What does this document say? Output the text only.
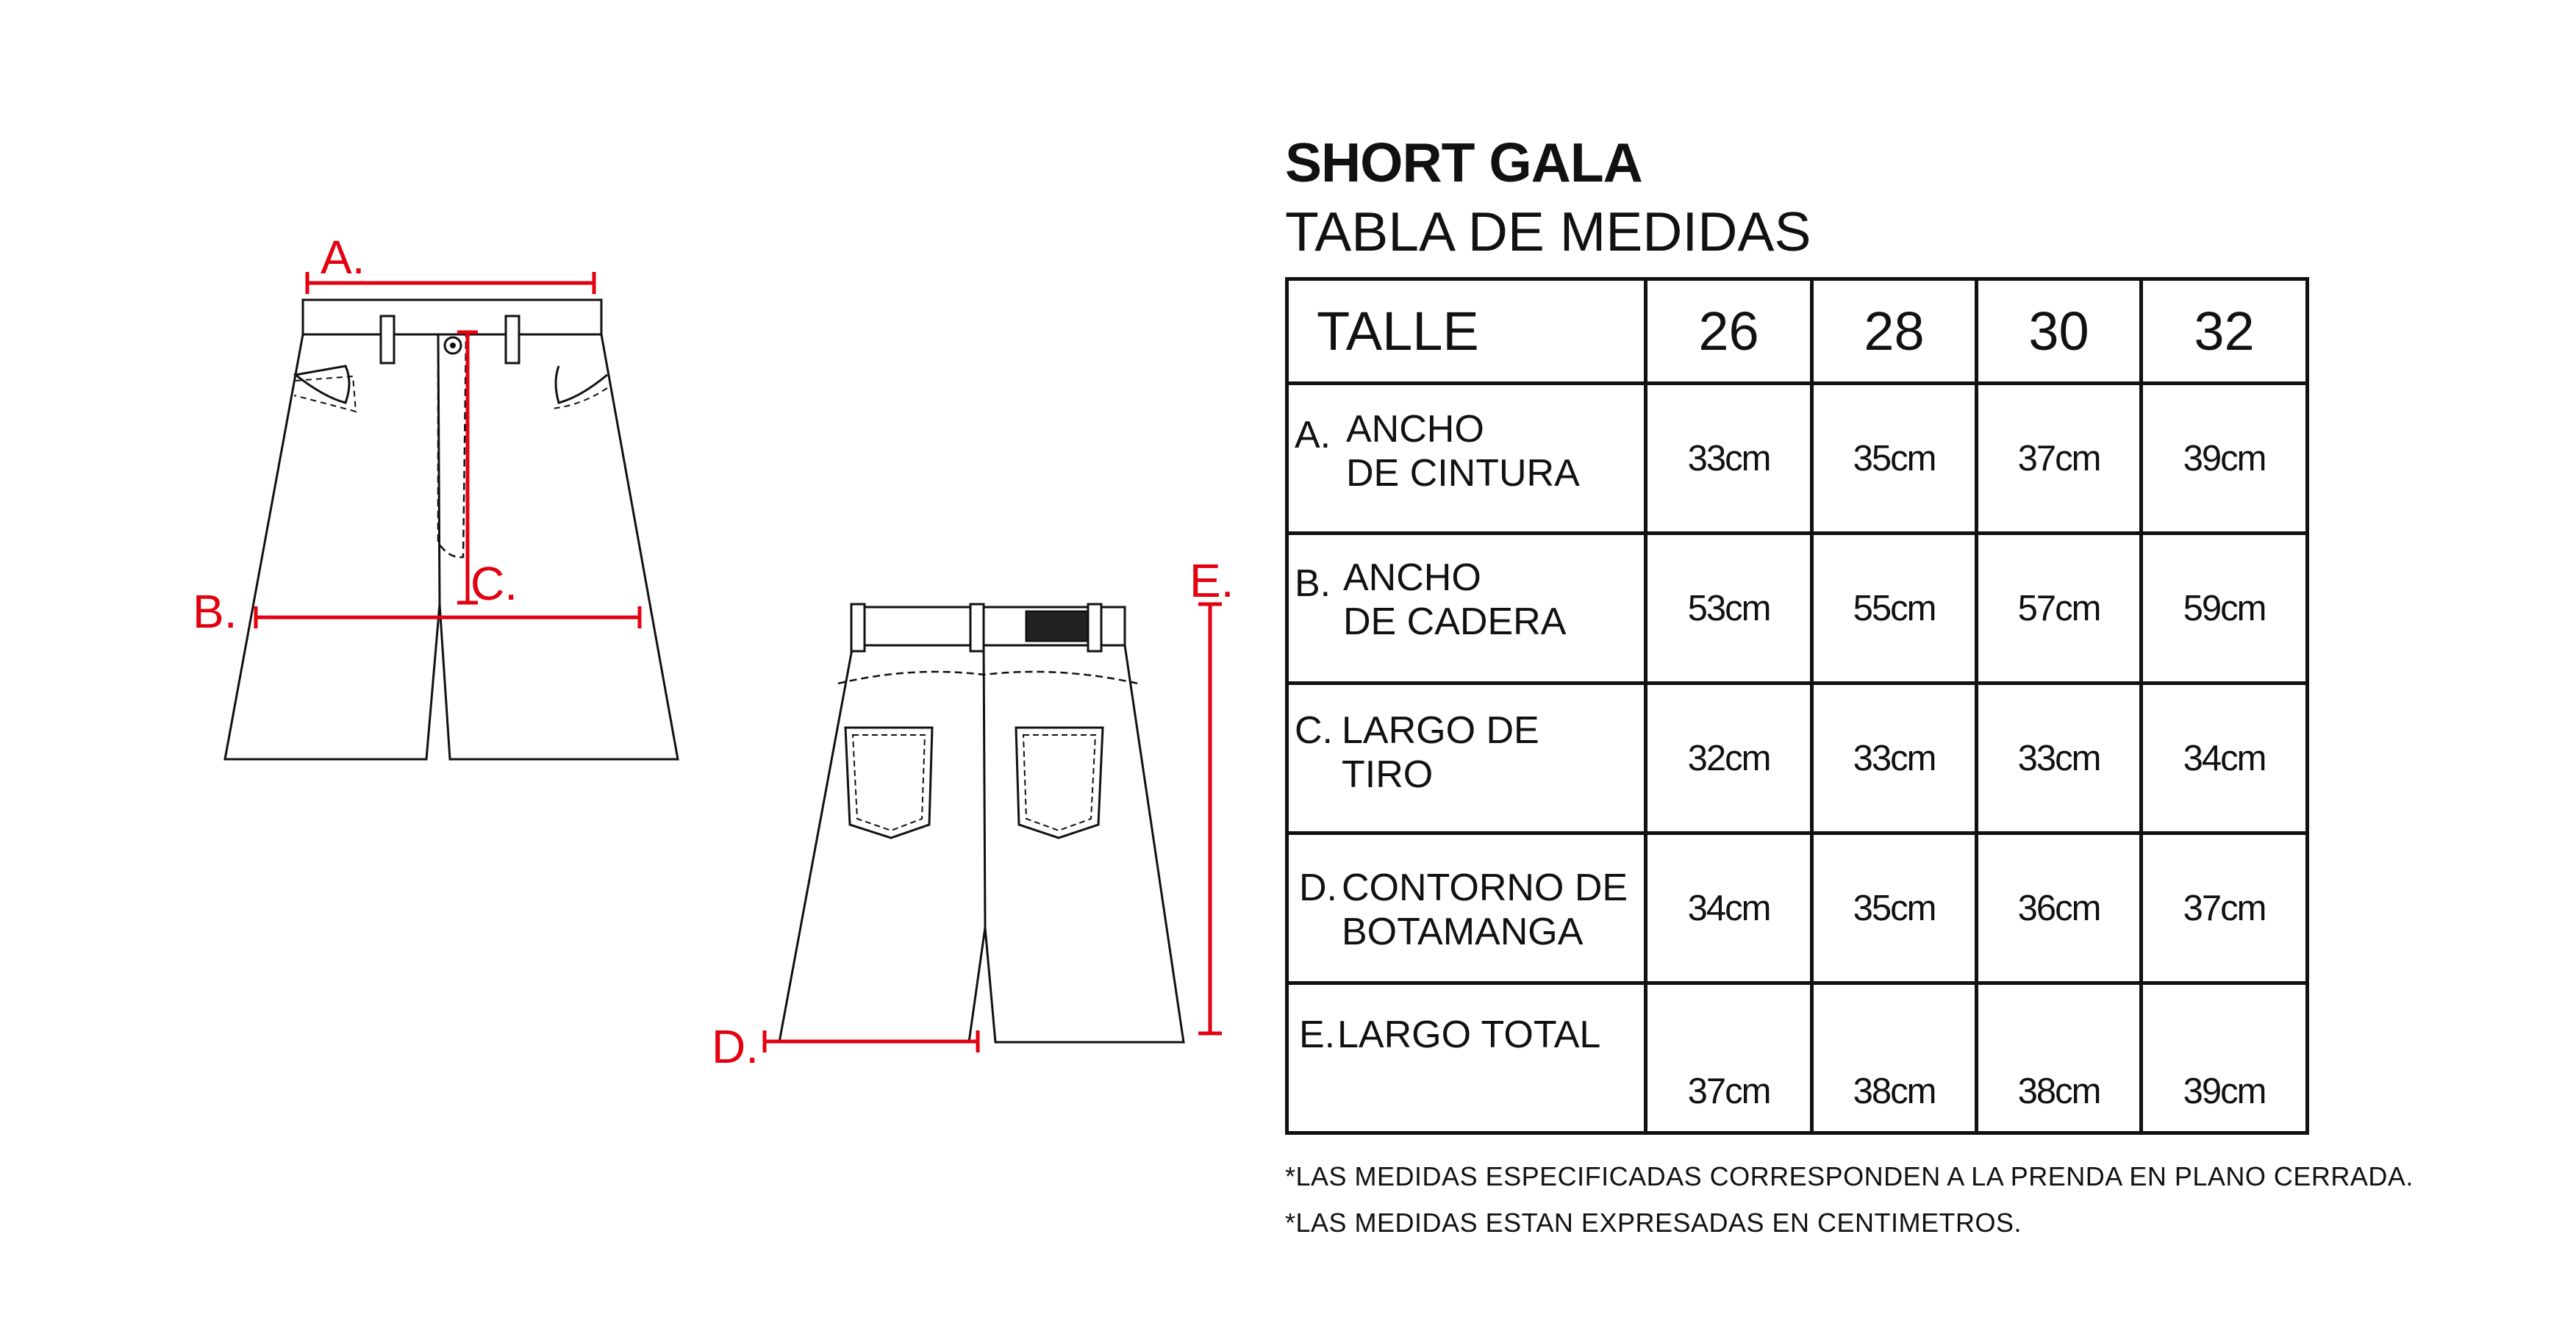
A.
B.
C.
D.
E.
SHORT GALA
TABLA DE MEDIDAS
TALLE	26	28	30	32

A. ANCHO
DE CINTURA	33cm	35cm	37cm	39cm

B. ANCHO
DE CADERA	53cm	55cm	57cm	59cm

C. LARGO DE
TIRO	32cm	33cm	33cm	34cm

D. CONTORNO DE
BOTAMANGA	34cm	35cm	36cm	37cm

E. LARGO TOTAL	37cm	38cm	38cm	39cm
*LAS MEDIDAS ESPECIFICADAS CORRESPONDEN A LA PRENDA EN PLANO CERRADA.
*LAS MEDIDAS ESTAN EXPRESADAS EN CENTIMETROS.
